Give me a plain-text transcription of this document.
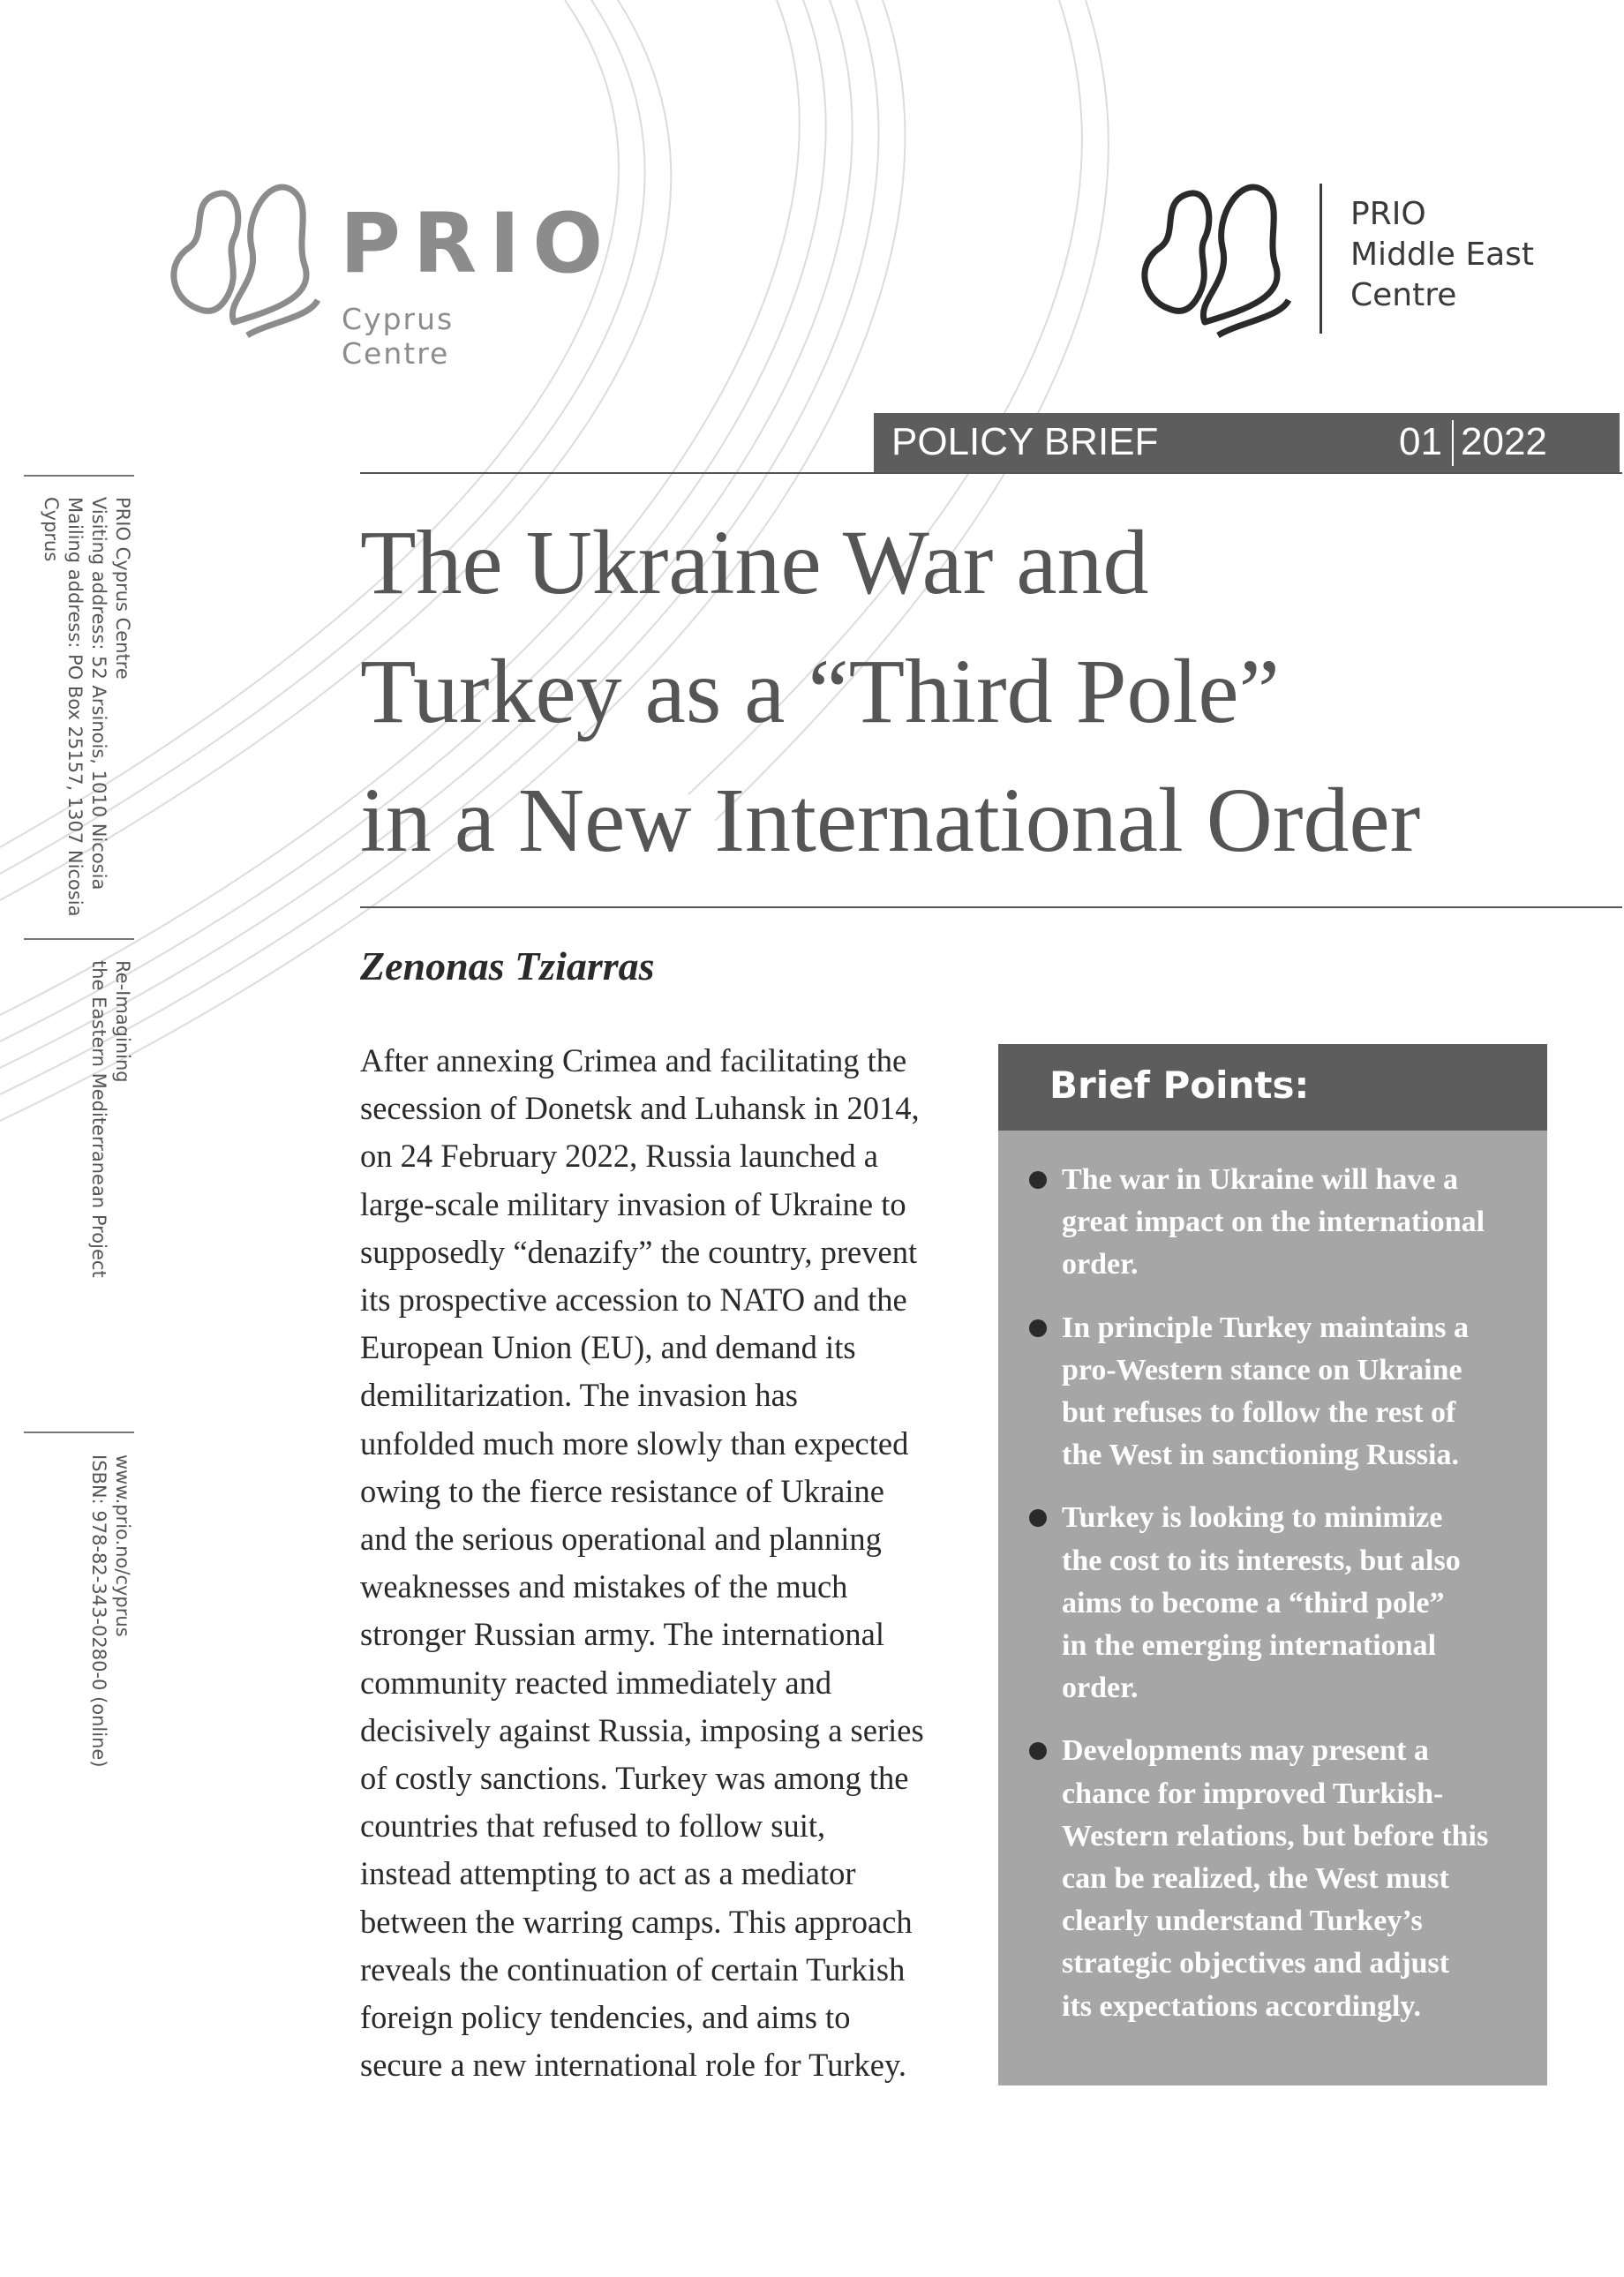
PRIO
Cyprus Centre
PRIO
Middle East
Centre
POLICY BRIEF	01 2022
The Ukraine War and
Turkey as a “Third Pole”
in a New International Order
Zenonas Tziarras
After annexing Crimea and facilitating the
secession of Donetsk and Luhansk in 2014,
on 24 February 2022, Russia launched a
large-scale military invasion of Ukraine to
supposedly “denazify” the country, prevent
its prospective accession to NATO and the
European Union (EU), and demand its
demilitarization. The invasion has
unfolded much more slowly than expected
owing to the fierce resistance of Ukraine
and the serious operational and planning
weaknesses and mistakes of the much
stronger Russian army. The international
community reacted immediately and
decisively against Russia, imposing a series
of costly sanctions. Turkey was among the
countries that refused to follow suit,
instead attempting to act as a mediator
between the warring camps. This approach
reveals the continuation of certain Turkish
foreign policy tendencies, and aims to
secure a new international role for Turkey.
Brief Points:
The war in Ukraine will have a
great impact on the international
order.
In principle Turkey maintains a
pro-Western stance on Ukraine
but refuses to follow the rest of
the West in sanctioning Russia.
Turkey is looking to minimize
the cost to its interests, but also
aims to become a “third pole”
in the emerging international
order.
Developments may present a
chance for improved Turkish-
Western relations, but before this
can be realized, the West must
clearly understand Turkey’s
strategic objectives and adjust
its expectations accordingly.
PRIO Cyprus Centre
Visiting address: 52 Arsinois, 1010 Nicosia
Mailing address: PO Box 25157, 1307 Nicosia
Cyprus
Re-Imagining
the Eastern Mediterranean Project
www.prio.no/cyprus
ISBN: 978-82-343-0280-0 (online)
